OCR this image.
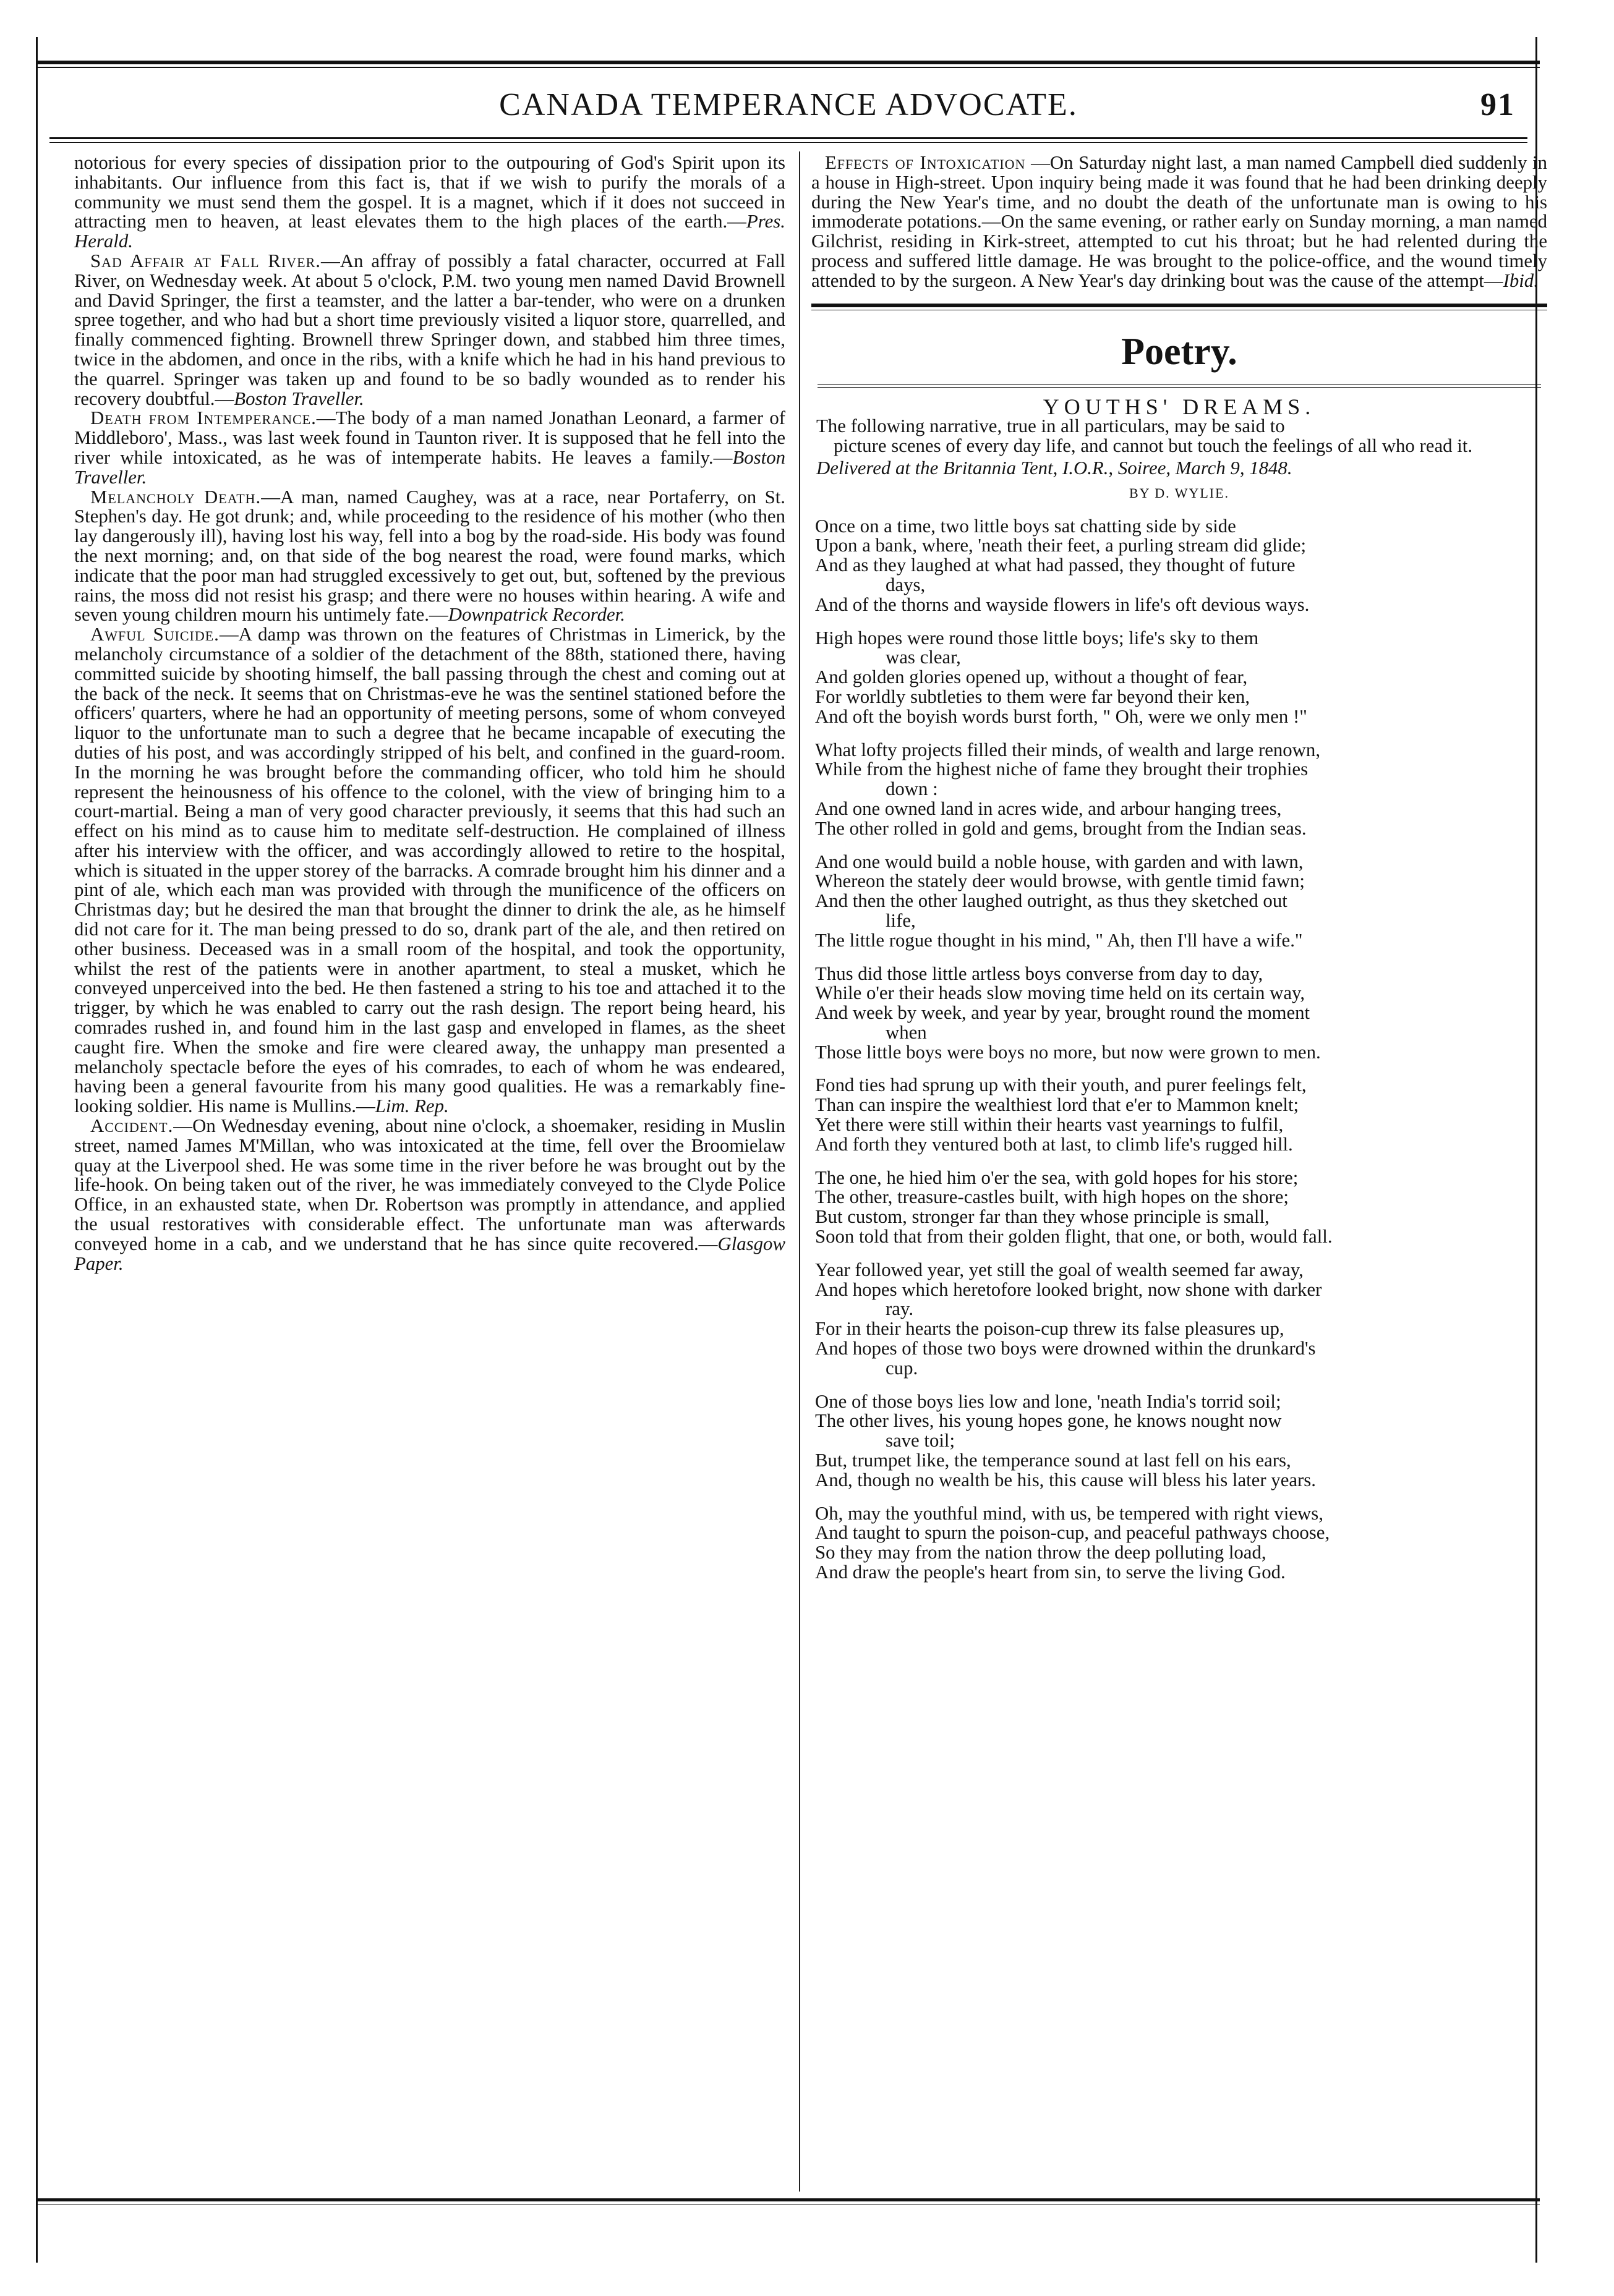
CANADA TEMPERANCE ADVOCATE.	91

notorious for every species of dissipation prior to the outpouring of God's Spirit upon its inhabitants. Our influence from this fact is, that if we wish to purify the morals of a community we must send them the gospel. It is a magnet, which if it does not succeed in attracting men to heaven, at least elevates them to the high places of the earth.—Pres. Herald.

Sad Affair at Fall River.—An affray of possibly a fatal character, occurred at Fall River, on Wednesday week. At about 5 o'clock, P.M. two young men named David Brownell and David Springer, the first a teamster, and the latter a bar-tender, who were on a drunken spree together, and who had but a short time previously visited a liquor store, quarrelled, and finally commenced fighting. Brownell threw Springer down, and stabbed him three times, twice in the abdomen, and once in the ribs, with a knife which he had in his hand previous to the quarrel. Springer was taken up and found to be so badly wounded as to render his recovery doubtful.—Boston Traveller.

Death from Intemperance.—The body of a man named Jonathan Leonard, a farmer of Middleboro', Mass., was last week found in Taunton river. It is supposed that he fell into the river while intoxicated, as he was of intemperate habits. He leaves a family.—Boston Traveller.

Melancholy Death.—A man, named Caughey, was at a race, near Portaferry, on St. Stephen's day. He got drunk; and, while proceeding to the residence of his mother (who then lay dangerously ill), having lost his way, fell into a bog by the road-side. His body was found the next morning; and, on that side of the bog nearest the road, were found marks, which indicate that the poor man had struggled excessively to get out, but, softened by the previous rains, the moss did not resist his grasp; and there were no houses within hearing. A wife and seven young children mourn his untimely fate.—Downpatrick Recorder.

Awful Suicide.—A damp was thrown on the features of Christmas in Limerick, by the melancholy circumstance of a soldier of the detachment of the 88th, stationed there, having committed suicide by shooting himself, the ball passing through the chest and coming out at the back of the neck. It seems that on Christmas-eve he was the sentinel stationed before the officers' quarters, where he had an opportunity of meeting persons, some of whom conveyed liquor to the unfortunate man to such a degree that he became incapable of executing the duties of his post, and was accordingly stripped of his belt, and confined in the guard-room. In the morning he was brought before the commanding officer, who told him he should represent the heinousness of his offence to the colonel, with the view of bringing him to a court-martial. Being a man of very good character previously, it seems that this had such an effect on his mind as to cause him to meditate self-destruction. He complained of illness after his interview with the officer, and was accordingly allowed to retire to the hospital, which is situated in the upper storey of the barracks. A comrade brought him his dinner and a pint of ale, which each man was provided with through the munificence of the officers on Christmas day; but he desired the man that brought the dinner to drink the ale, as he himself did not care for it. The man being pressed to do so, drank part of the ale, and then retired on other business. Deceased was in a small room of the hospital, and took the opportunity, whilst the rest of the patients were in another apartment, to steal a musket, which he conveyed unperceived into the bed. He then fastened a string to his toe and attached it to the trigger, by which he was enabled to carry out the rash design. The report being heard, his comrades rushed in, and found him in the last gasp and enveloped in flames, as the sheet caught fire. When the smoke and fire were cleared away, the unhappy man presented a melancholy spectacle before the eyes of his comrades, to each of whom he was endeared, having been a general favourite from his many good qualities. He was a remarkably fine-looking soldier. His name is Mullins.—Lim. Rep.

Accident.—On Wednesday evening, about nine o'clock, a shoemaker, residing in Muslin street, named James M'Millan, who was intoxicated at the time, fell over the Broomielaw quay at the Liverpool shed. He was some time in the river before he was brought out by the life-hook. On being taken out of the river, he was immediately conveyed to the Clyde Police Office, in an exhausted state, when Dr. Robertson was promptly in attendance, and applied the usual restoratives with considerable effect. The unfortunate man was afterwards conveyed home in a cab, and we understand that he has since quite recovered.—Glasgow Paper.

Effects of Intoxication —On Saturday night last, a man named Campbell died suddenly in a house in High-street. Upon inquiry being made it was found that he had been drinking deeply during the New Year's time, and no doubt the death of the unfortunate man is owing to his immoderate potations.—On the same evening, or rather early on Sunday morning, a man named Gilchrist, residing in Kirk-street, attempted to cut his throat; but he had relented during the process and suffered little damage. He was brought to the police-office, and the wound timely attended to by the surgeon. A New Year's day drinking bout was the cause of the attempt—Ibid.

Poetry.
YOUTHS' DREAMS.

The following narrative, true in all particulars, may be said to
picture scenes of every day life, and cannot but touch the feelings of all who read it.

Delivered at the Britannia Tent, I.O.R., Soiree, March 9, 1848.

BY D. WYLIE.
Once on a time, two little boys sat chatting side by side
Upon a bank, where, 'neath their feet, a purling stream did glide;
And as they laughed at what had passed, they thought of future
days,
And of the thorns and wayside flowers in life's oft devious ways.
High hopes were round those little boys; life's sky to them
was clear,
And golden glories opened up, without a thought of fear,
For worldly subtleties to them were far beyond their ken,
And oft the boyish words burst forth, " Oh, were we only men !"
What lofty projects filled their minds, of wealth and large renown,
While from the highest niche of fame they brought their trophies
down :
And one owned land in acres wide, and arbour hanging trees,
The other rolled in gold and gems, brought from the Indian seas.
And one would build a noble house, with garden and with lawn,
Whereon the stately deer would browse, with gentle timid fawn;
And then the other laughed outright, as thus they sketched out
life,
The little rogue thought in his mind, " Ah, then I'll have a wife."
Thus did those little artless boys converse from day to day,
While o'er their heads slow moving time held on its certain way,
And week by week, and year by year, brought round the moment
when
Those little boys were boys no more, but now were grown to men.
Fond ties had sprung up with their youth, and purer feelings felt,
Than can inspire the wealthiest lord that e'er to Mammon knelt;
Yet there were still within their hearts vast yearnings to fulfil,
And forth they ventured both at last, to climb life's rugged hill.
The one, he hied him o'er the sea, with gold hopes for his store;
The other, treasure-castles built, with high hopes on the shore;
But custom, stronger far than they whose principle is small,
Soon told that from their golden flight, that one, or both, would fall.
Year followed year, yet still the goal of wealth seemed far away,
And hopes which heretofore looked bright, now shone with darker
ray.
For in their hearts the poison-cup threw its false pleasures up,
And hopes of those two boys were drowned within the drunkard's
cup.
One of those boys lies low and lone, 'neath India's torrid soil;
The other lives, his young hopes gone, he knows nought now
save toil;
But, trumpet like, the temperance sound at last fell on his ears,
And, though no wealth be his, this cause will bless his later years.
Oh, may the youthful mind, with us, be tempered with right views,
And taught to spurn the poison-cup, and peaceful pathways choose,
So they may from the nation throw the deep polluting load,
And draw the people's heart from sin, to serve the living God.
